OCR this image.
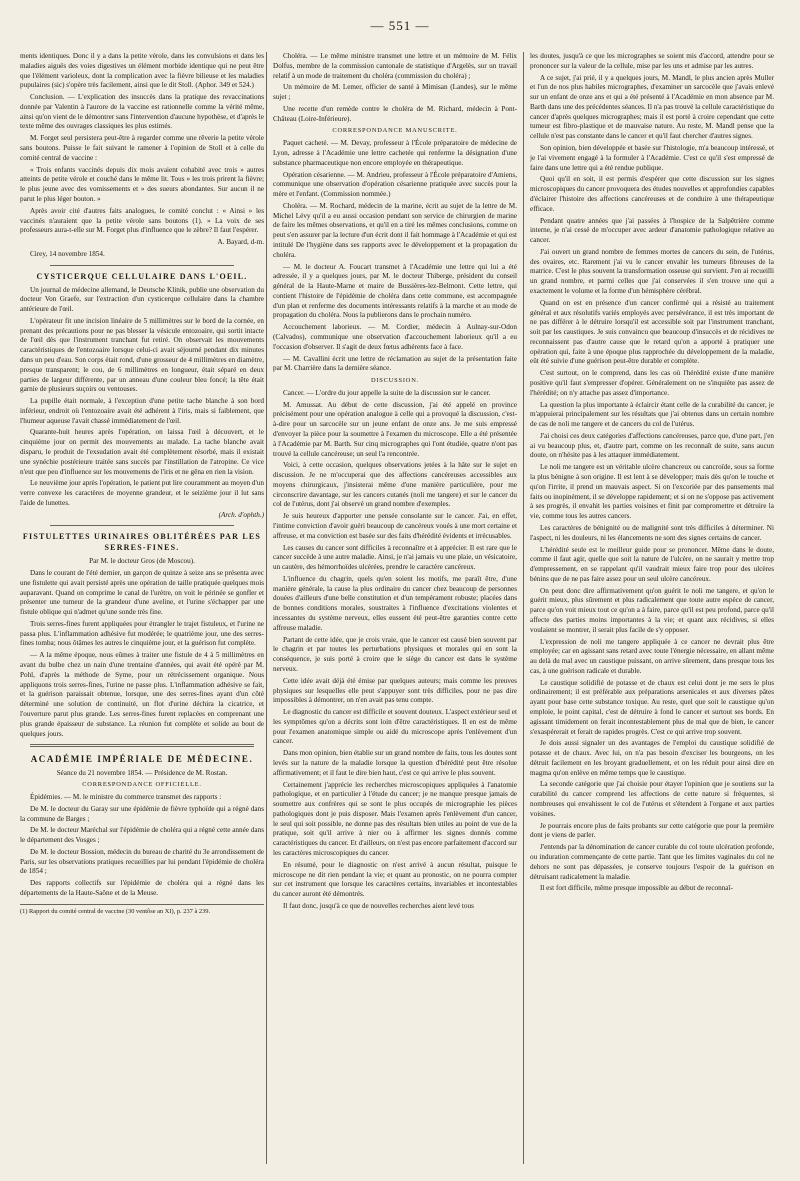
— 551 —

ments identiques. Donc il y a dans la petite vérole, dans les convulsions et dans les maladies aiguës des voies digestives un élément morbide identique qui ne peut être que l'élément varioleux, dont la complication avec la fièvre bilieuse et les maladies pupulaires (sic) s'opère très facilement, ainsi que le dit Stoll. (Aphor. 349 et 524.)

Conclusion. — L'explication des insuccès dans la pratique des revaccinations donnée par Valentin à l'aurore de la vaccine est rationnelle comme la vérité même, ainsi qu'on vient de le démontrer sans l'intervention d'aucune hypothèse, et d'après le texte même des ouvrages classiques les plus estimés.

M. Forget seul persistera peut-être à regarder comme une rêverie la petite vérole sans boutons. Puisse le fait suivant le ramener à l'opinion de Stoll et à celle du comité central de vaccine :

« Trois enfants vaccinés depuis dix mois avaient cohabité avec trois » autres atteints de petite vérole et couché dans le même lit. Tous » les trois prirent la fièvre; le plus jeune avec des vomissements et » des sueurs abondantes. Sur aucun il ne parut le plus léger bouton. »

Après avoir cité d'autres faits analogues, le comité conclut : « Ainsi » les vaccinés n'auraient que la petite vérole sans boutons (1). » La voix de ses professeurs aura-t-elle sur M. Forget plus d'influence que le zèbre? Il faut l'espérer.

A. Bayard, d-m.

Cirey, 14 novembre 1854.

CYSTICERQUE CELLULAIRE DANS L'OEIL.

Un journal de médecine allemand, le Deutsche Klinik, publie une observation du docteur Von Graefe, sur l'extraction d'un cysticerque cellulaire dans la chambre antérieure de l'œil.

L'opérateur fit une incision linéaire de 5 millimètres sur le bord de la cornée, en prenant des précautions pour ne pas blesser la vésicule entozoaire, qui sortit intacte de l'œil dès que l'instrument tranchant fut retiré. On observait les mouvements caractéristiques de l'entozoaire lorsque celui-ci avait séjourné pendant dix minutes dans un peu d'eau. Son corps était rond, d'une grosseur de 4 millimètres en diamètre, presque transparent; le cou, de 6 millimètres en longueur, était séparé en deux parties de largeur différente, par un anneau d'une couleur bleu foncé; la tête était garnie de plusieurs suçoirs ou ventouses.

La pupille était normale, à l'exception d'une petite tache blanche à son bord inférieur, endroit où l'entozoaire avait été adhérent à l'iris, mais si faiblement, que l'humeur aqueuse l'avait chassé immédiatement de l'œil.

Quarante-huit heures après l'opération, on laissa l'œil à découvert, et le cinquième jour on permit des mouvements au malade. La tache blanche avait disparu, le produit de l'exsudation avait été complètement résorbé, mais il existait une synéchie postérieure traitée sans succès par l'instillation de l'atropine. Ce vice n'eut que peu d'influence sur les mouvements de l'iris et ne gêna en rien la vision.

Le neuvième jour après l'opération, le patient put lire couramment au moyen d'un verre convexe les caractères de moyenne grandeur, et le seizième jour il lut sans l'aide de lunettes.

(Arch. d'ophth.)
FISTULETTES URINAIRES OBLITÉRÉES PAR LES SERRES-FINES.
Par M. le docteur Gros (de Moscou).

Dans le courant de l'été dernier, un garçon de quinze à seize ans se présenta avec une fistulette qui avait persisté après une opération de taille pratiquée quelques mois auparavant. Quand on comprime le canal de l'urètre, on voit le périnée se gonfler et présenter une tumeur de la grandeur d'une aveline, et l'urine s'échapper par une fistule oblique qui n'admet qu'une sonde très fine.

Trois serres-fines furent appliquées pour étrangler le trajet fistuleux, et l'urine ne passa plus. L'inflammation adhésive fut modérée; le quatrième jour, une des serres-fines tomba; nous ôtâmes les autres le cinquième jour, et la guérison fut complète.

— A la même époque, nous eûmes à traiter une fistule de 4 à 5 millimètres en avant du bulbe chez un nain d'une trentaine d'années, qui avait été opéré par M. Pohl, d'après la méthode de Syme, pour un rétrécissement organique. Nous appliquons trois serres-fines, l'urine ne passe plus. L'inflammation adhésive se fait, et la guérison paraissait obtenue, lorsque, une des serres-fines ayant d'un côté déterminé une solution de continuité, un flot d'urine déchira la cicatrice, et l'ouverture parut plus grande. Les serres-fines furent replacées en comprenant une plus grande épaisseur de substance. La réunion fut complète et solide au bout de quelques jours.

ACADÉMIE IMPÉRIALE DE MÉDECINE.
Séance du 21 novembre 1854. — Présidence de M. Rostan.
CORRESPONDANCE OFFICIELLE.

Épidémies. — M. le ministre du commerce transmet des rapports :

De M. le docteur du Garay sur une épidémie de fièvre typhoïde qui a régné dans la commune de Barges ;

De M. le docteur Maréchal sur l'épidémie de choléra qui a régné cette année dans le département des Vosges ;

De M. le docteur Bossion, médecin du bureau de charité du 3e arrondissement de Paris, sur les observations pratiques recueillies par lui pendant l'épidémie de choléra de 1854 ;

Des rapports collectifs sur l'épidémie de choléra qui a régné dans les départements de la Haute-Saône et de la Meuse.

(1) Rapport du comité central de vaccine (30 ventôse an XI), p. 237 à 239.

Choléra. — Le même ministre transmet une lettre et un mémoire de M. Félix Dolfus, membre de la commission cantonale de statistique d'Argelès, sur un travail relatif à un mode de traitement du choléra (commission du choléra) ;

Un mémoire de M. Lemer, officier de santé à Mimisan (Landes), sur le même sujet ;

Une recette d'un remède contre le choléra de M. Richard, médecin à Pont-Château (Loire-Inférieure).

CORRESPONDANCE MANUSCRITE.

Paquet cacheté. — M. Devay, professeur à l'École préparatoire de médecine de Lyon, adresse à l'Académie une lettre cachetée qui renferme la désignation d'une substance pharmaceutique non encore employée en thérapeutique.

Opération césarienne. — M. Andrieu, professeur à l'École préparatoire d'Amiens, communique une observation d'opération césarienne pratiquée avec succès pour la mère et l'enfant. (Commission nommée.)

Choléra. — M. Rochard, médecin de la marine, écrit au sujet de la lettre de M. Michel Lévy qu'il a eu aussi occasion pendant son service de chirurgien de marine de faire les mêmes observations, et qu'il en a tiré les mêmes conclusions, comme on peut s'en assurer par la lecture d'un écrit dont il fait hommage à l'Académie et qui est intitulé De l'hygiène dans ses rapports avec le développement et la propagation du choléra.

— M. le docteur A. Foucart transmet à l'Académie une lettre qui lui a été adressée, il y a quelques jours, par M. le docteur Thiberge, président du conseil général de la Haute-Marne et maire de Bussières-lez-Belmont. Cette lettre, qui contient l'histoire de l'épidémie de choléra dans cette commune, est accompagnée d'un plan et renferme des documents intéressants relatifs à la marche et au mode de propagation du choléra. Nous la publierons dans le prochain numéro.

Accouchement laborieux. — M. Cordier, médecin à Aulnay-sur-Odon (Calvados), communique une observation d'accouchement laborieux qu'il a eu l'occasion d'observer. Il s'agit de deux fœtus adhérents face à face.

— M. Cavallini écrit une lettre de réclamation au sujet de la présentation faite par M. Charrière dans la dernière séance.

DISCUSSION.

Cancer. — L'ordre du jour appelle la suite de la discussion sur le cancer.

M. Amussat. Au début de cette discussion, j'ai été appelé en province précisément pour une opération analogue à celle qui a provoqué la discussion, c'est-à-dire pour un sarcocèle sur un jeune enfant de onze ans. Je me suis empressé d'envoyer la pièce pour la soumettre à l'examen du microscope. Elle a été présentée à l'Académie par M. Barth. Sur cinq micrographes qui l'ont étudiée, quatre n'ont pas trouvé la cellule cancéreuse; un seul l'a rencontrée.

Voici, à cette occasion, quelques observations jetées à la hâte sur le sujet en discussion. Je ne m'occuperai que des affections cancéreuses accessibles aux moyens chirurgicaux, j'insisterai même d'une manière particulière, pour me circonscrire davantage, sur les cancers cutanés (noli me tangere) et sur le cancer du col de l'utérus, dont j'ai observé un grand nombre d'exemples.

Je suis heureux d'apporter une pensée consolante sur le cancer. J'ai, en effet, l'intime conviction d'avoir guéri beaucoup de cancéreux voués à une mort certaine et affreuse, et ma conviction est basée sur des faits d'hérédité évidents et irrécusables.

Les causes du cancer sont difficiles à reconnaître et à apprécier. Il est rare que le cancer succède à une autre maladie. Ainsi, je n'ai jamais vu une plaie, un vésicatoire, un cautère, des hémorrhoïdes ulcérées, prendre le caractère cancéreux.

L'influence du chagrin, quels qu'en soient les motifs, me paraît être, d'une manière générale, la cause la plus ordinaire du cancer chez beaucoup de personnes douées d'ailleurs d'une belle constitution et d'un tempérament robuste; placées dans de bonnes conditions morales, soustraites à l'influence d'excitations violentes et incessantes du système nerveux, elles eussent été peut-être garanties contre cette affreuse maladie.

Partant de cette idée, que je crois vraie, que le cancer est causé bien souvent par le chagrin et par toutes les perturbations physiques et morales qui en sont la conséquence, je suis porté à croire que le siège du cancer est dans le système nerveux.

Cette idée avait déjà été émise par quelques auteurs; mais comme les preuves physiques sur lesquelles elle peut s'appuyer sont très difficiles, pour ne pas dire impossibles à démontrer, on n'en avait pas tenu compte.

Le diagnostic du cancer est difficile et souvent douteux. L'aspect extérieur seul et les symptômes qu'on a décrits sont loin d'être caractéristiques. Il en est de même pour l'examen anatomique simple ou aidé du microscope après l'enlèvement d'un cancer.

Dans mon opinion, bien établie sur un grand nombre de faits, tous les doutes sont levés sur la nature de la maladie lorsque la question d'hérédité peut être résolue affirmativement; et il faut le dire bien haut, c'est ce qui arrive le plus souvent.

Certainement j'apprécie les recherches microscopiques appliquées à l'anatomie pathologique, et en particulier à l'étude du cancer; je ne manque presque jamais de soumettre aux confrères qui se sont le plus occupés de micrographie les pièces pathologiques dont je puis disposer. Mais l'examen après l'enlèvement d'un cancer, le seul qui soit possible, ne donne pas des résultats bien utiles au point de vue de la pratique, soit qu'il arrive à nier ou à affirmer les signes donnés comme caractéristiques du cancer. Et d'ailleurs, on n'est pas encore parfaitement d'accord sur les caractères microscopiques du cancer.

En résumé, pour le diagnostic on n'est arrivé à aucun résultat, puisque le microscope ne dit rien pendant la vie; et quant au pronostic, on ne pourra compter sur cet instrument que lorsque les caractères certains, invariables et incontestables du cancer auront été démontrés.

Il faut donc, jusqu'à ce que de nouvelles recherches aient levé tous

les doutes, jusqu'à ce que les micrographes se soient mis d'accord, attendre pour se prononcer sur la valeur de la cellule, mise par les uns et admise par les autres.

A ce sujet, j'ai prié, il y a quelques jours, M. Mandl, le plus ancien après Muller et l'un de nos plus habiles micrographes, d'examiner un sarcocèle que j'avais enlevé sur un enfant de onze ans et qui a été présenté à l'Académie en mon absence par M. Barth dans une des précédentes séances. Il n'a pas trouvé la cellule caractéristique du cancer d'après quelques micrographes; mais il est porté à croire cependant que cette tumeur est fibro-plastique et de mauvaise nature. Au reste, M. Mandl pense que la cellule n'est pas constante dans le cancer et qu'il faut chercher d'autres signes.

Son opinion, bien développée et basée sur l'histologie, m'a beaucoup intéressé, et je l'ai vivement engagé à la formuler à l'Académie. C'est ce qu'il s'est empressé de faire dans une lettre qui a été rendue publique.

Quoi qu'il en soit, il est permis d'espérer que cette discussion sur les signes microscopiques du cancer provoquera des études nouvelles et approfondies capables d'éclairer l'histoire des affections cancéreuses et de conduire à une thérapeutique efficace.

Pendant quatre années que j'ai passées à l'hospice de la Salpêtrière comme interne, je n'ai cessé de m'occuper avec ardeur d'anatomie pathologique relative au cancer.

J'ai ouvert un grand nombre de femmes mortes de cancers du sein, de l'utérus, des ovaires, etc. Rarement j'ai vu le cancer envahir les tumeurs fibreuses de la matrice. C'est le plus souvent la transformation osseuse qui survient. J'en ai recueilli un grand nombre, et parmi celles que j'ai conservées il s'en trouve une qui a exactement le volume et la forme d'un hémisphère cérébral.

Quand on est en présence d'un cancer confirmé qui a résisté au traitement général et aux résolutifs variés employés avec persévérance, il est très important de ne pas différer à le détruire lorsqu'il est accessible soit par l'instrument tranchant, soit par les caustiques. Je suis convaincu que beaucoup d'insuccès et de récidives ne reconnaissent pas d'autre cause que le retard qu'on a apporté à pratiquer une opération qui, faite à une époque plus rapprochée du développement de la maladie, eût été suivie d'une guérison peut-être durable et complète.

C'est surtout, on le comprend, dans les cas où l'hérédité existe d'une manière positive qu'il faut s'empresser d'opérer. Généralement on ne s'inquiète pas assez de l'hérédité; on n'y attache pas assez d'importance.

La question la plus importante à éclaircir étant celle de la curabilité du cancer, je m'appuierai principalement sur les résultats que j'ai obtenus dans un certain nombre de cas de noli me tangere et de cancers du col de l'utérus.

J'ai choisi ces deux catégories d'affections cancéreuses, parce que, d'une part, j'en ai vu beaucoup plus, et, d'autre part, comme on les reconnaît de suite, sans aucun doute, on n'hésite pas à les attaquer immédiatement.

Le noli me tangere est un véritable ulcère chancreux ou cancroïde, sous sa forme la plus bénigne à son origine. Il est lent à se développer; mais dès qu'on le touche et qu'on l'irrite, il prend un mauvais aspect. Si on l'excoriée par des pansements mal faits ou inopinément, il se développe rapidement; et si on ne s'oppose pas activement à ses progrès, il envahit les parties voisines et finit par compromettre et détruire la vie, comme tous les autres cancers.

Les caractères de bénignité ou de malignité sont très difficiles à déterminer. Ni l'aspect, ni les douleurs, ni les élancements ne sont des signes certains de cancer.

L'hérédité seule est le meilleur guide pour se prononcer. Même dans le doute, comme il faut agir, quelle que soit la nature de l'ulcère, on ne saurait y mettre trop d'empressement, en se rappelant qu'il vaudrait mieux faire trop pour des ulcères bénins que de ne pas faire assez pour un seul ulcère cancéreux.

On peut donc dire affirmativement qu'on guérit le noli me tangere, et qu'on le guérit mieux, plus sûrement et plus radicalement que toute autre espèce de cancer, parce qu'on voit mieux tout ce qu'on a à faire, parce qu'il est peu profond, parce qu'il affecte des parties moins importantes à la vie; et quant aux récidives, si elles voulaient se montrer, il serait plus facile de s'y opposer.

L'expression de noli me tangere appliquée à ce cancer ne devrait plus être employée; car en agissant sans retard avec toute l'énergie nécessaire, en allant même au delà du mal avec un caustique puissant, on arrive sûrement, dans presque tous les cas, à une guérison radicale et durable.

Le caustique solidifié de potasse et de chaux est celui dont je me sers le plus ordinairement; il est préférable aux préparations arsenicales et aux diverses pâtes ayant pour base cette substance toxique. Au reste, quel que soit le caustique qu'on emploie, le point capital, c'est de détruire à fond le cancer et surtout ses bords. En agissant timidement on ferait incontestablement plus de mal que de bien, le cancer s'exaspérerait et ferait de rapides progrès. C'est ce qui arrive trop souvent.

Je dois aussi signaler un des avantages de l'emploi du caustique solidifié de potasse et de chaux. Avec lui, on n'a pas besoin d'exciser les bourgeons, on les détruit facilement en les broyant graduellement, et on les réduit pour ainsi dire en magma qu'on enlève en même temps que le caustique.

La seconde catégorie que j'ai choisie pour étayer l'opinion que je soutiens sur la curabilité du cancer comprend les affections de cette nature si fréquentes, si nombreuses qui envahissent le col de l'utérus et s'étendent à l'organe et aux parties voisines.

Je pourrais encore plus de faits probants sur cette catégorie que pour la première dont je viens de parler.

J'entends par la dénomination de cancer curable du col toute ulcération profonde, ou induration commençante de cette partie. Tant que les limites vaginales du col ne dehors ne sont pas dépassées, je conserve toujours l'espoir de la guérison en détruisant radicalement la maladie.

Il est fort difficile, même presque impossible au début de reconnaî-
